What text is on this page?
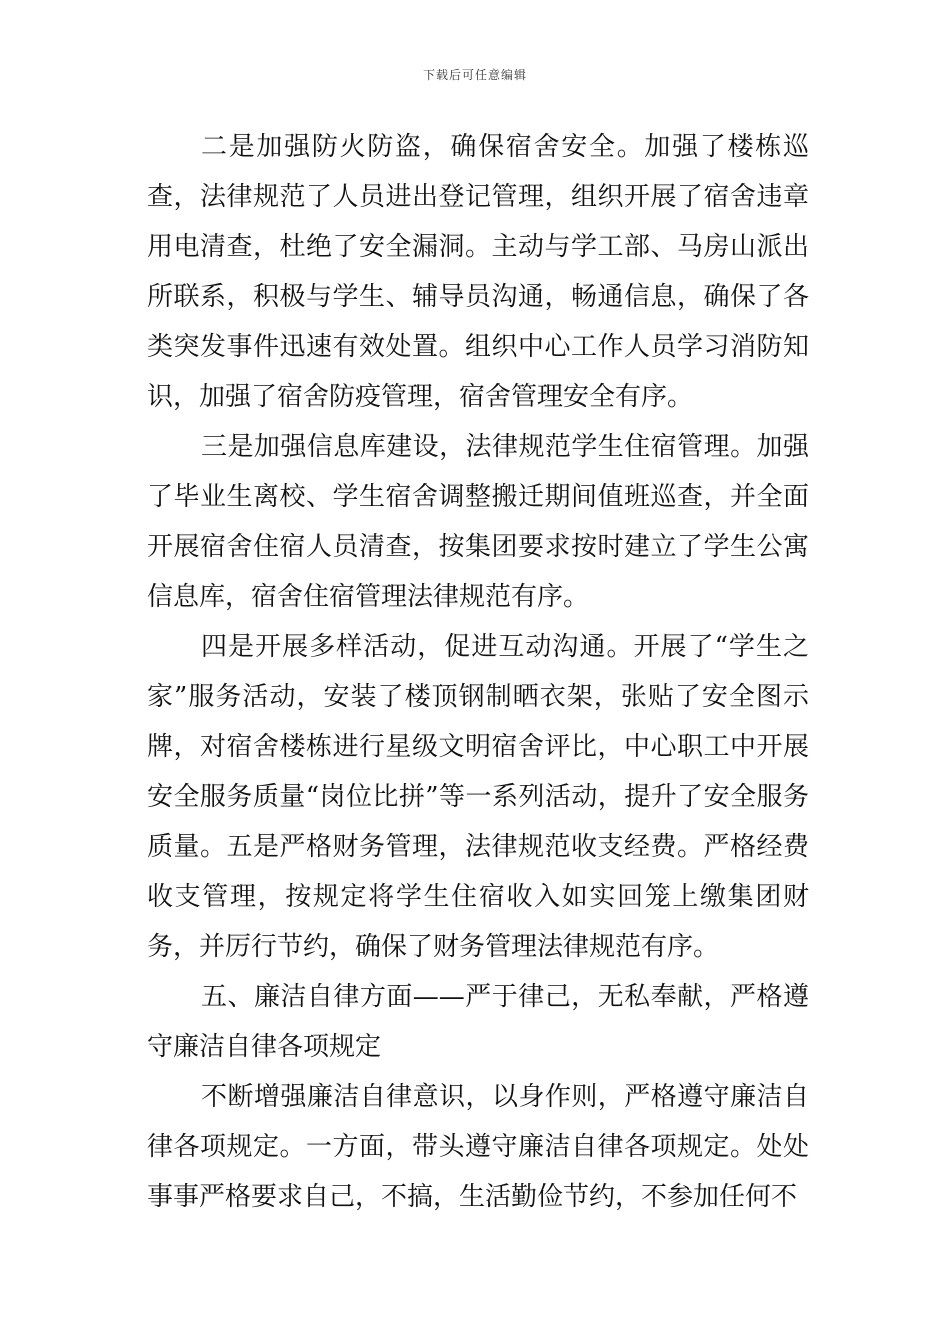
下载后可任意编辑

二是加强防火防盗，确保宿舍安全。加强了楼栋巡查，法律规范了人员进出登记管理，组织开展了宿舍违章用电清查，杜绝了安全漏洞。主动与学工部、马房山派出所联系，积极与学生、辅导员沟通，畅通信息，确保了各类突发事件迅速有效处置。组织中心工作人员学习消防知识，加强了宿舍防疫管理，宿舍管理安全有序。

三是加强信息库建设，法律规范学生住宿管理。加强了毕业生离校、学生宿舍调整搬迁期间值班巡查，并全面开展宿舍住宿人员清查，按集团要求按时建立了学生公寓信息库，宿舍住宿管理法律规范有序。

四是开展多样活动，促进互动沟通。开展了“学生之家”服务活动，安装了楼顶钢制晒衣架，张贴了安全图示牌，对宿舍楼栋进行星级文明宿舍评比，中心职工中开展安全服务质量“岗位比拼”等一系列活动，提升了安全服务质量。五是严格财务管理，法律规范收支经费。严格经费收支管理，按规定将学生住宿收入如实回笼上缴集团财务，并厉行节约，确保了财务管理法律规范有序。

五、廉洁自律方面——严于律己，无私奉献，严格遵守廉洁自律各项规定

不断增强廉洁自律意识，以身作则，严格遵守廉洁自律各项规定。一方面，带头遵守廉洁自律各项规定。处处事事严格要求自己，不搞，生活勤俭节约，不参加任何不
